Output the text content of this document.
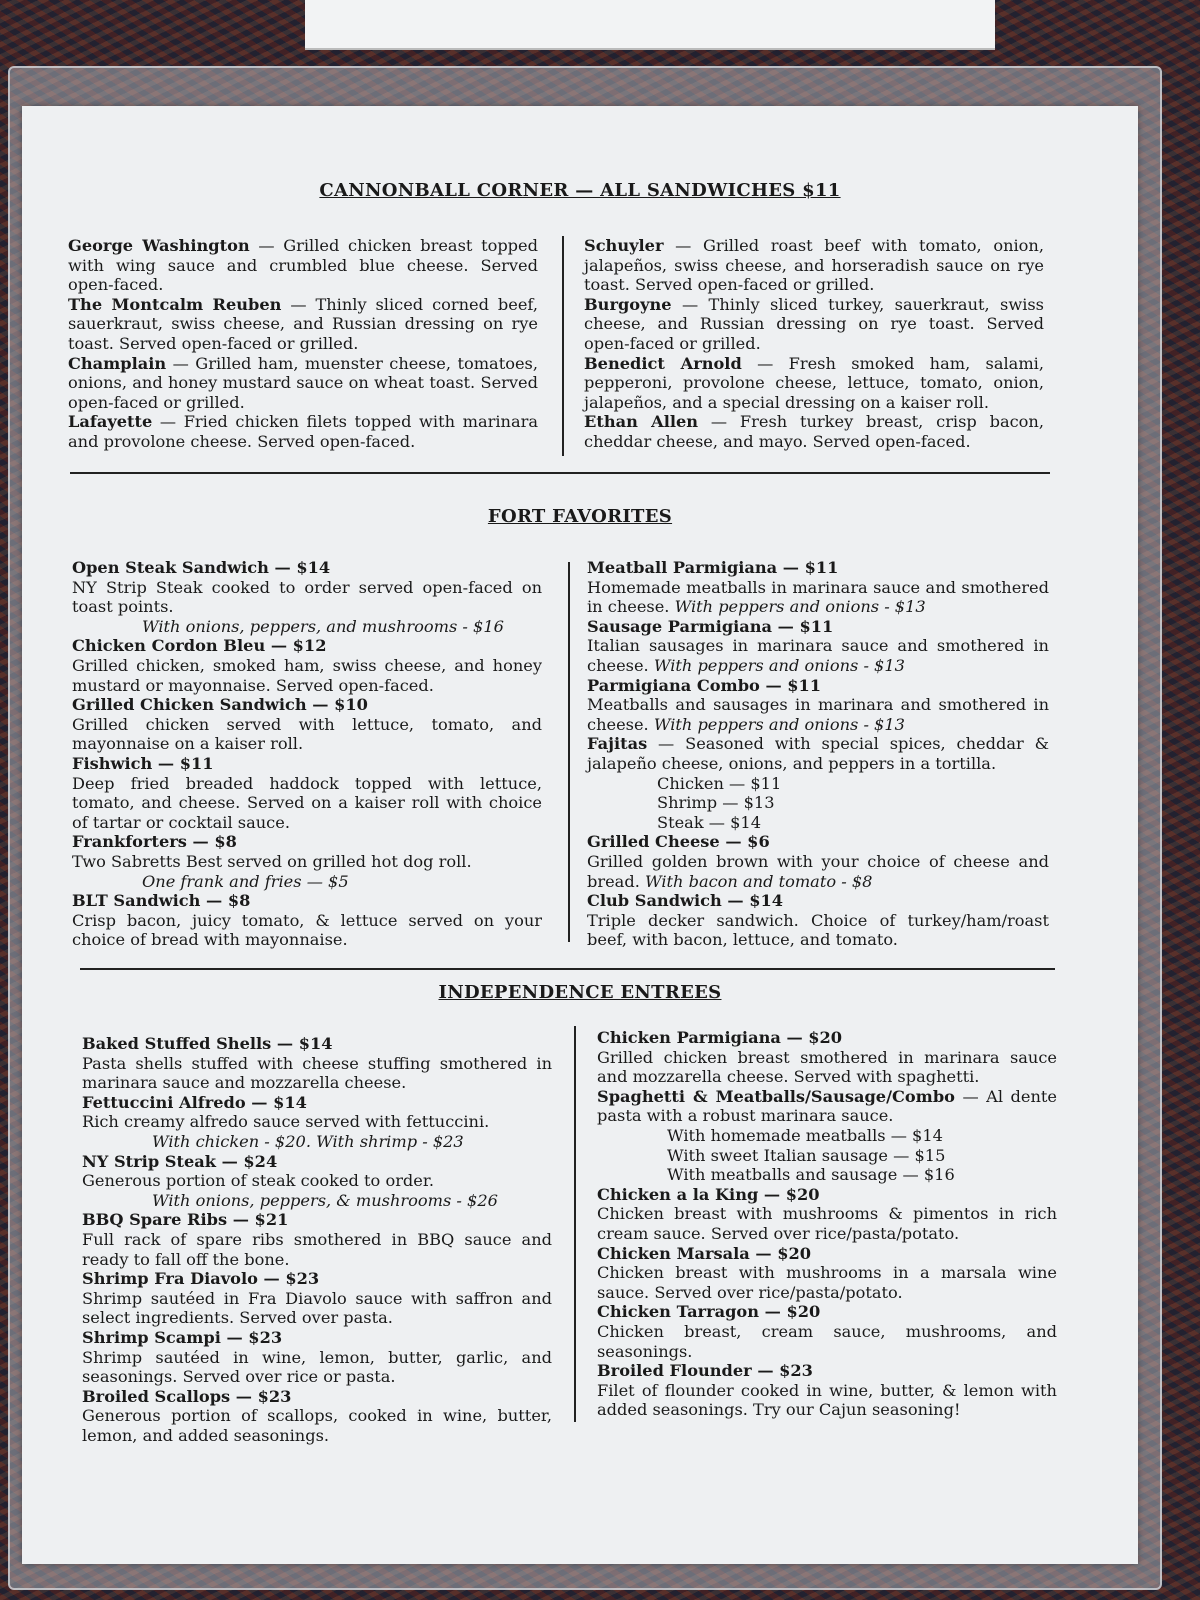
CANNONBALL CORNER — ALL SANDWICHES $11
George Washington — Grilled chicken breast topped with wing sauce and crumbled blue cheese. Served open-faced.
The Montcalm Reuben — Thinly sliced corned beef, sauerkraut, swiss cheese, and Russian dressing on rye toast. Served open-faced or grilled.
Champlain — Grilled ham, muenster cheese, tomatoes, onions, and honey mustard sauce on wheat toast. Served open-faced or grilled.
Lafayette — Fried chicken filets topped with marinara and provolone cheese. Served open-faced.
Schuyler — Grilled roast beef with tomato, onion, jalapeños, swiss cheese, and horseradish sauce on rye toast. Served open-faced or grilled.
Burgoyne — Thinly sliced turkey, sauerkraut, swiss cheese, and Russian dressing on rye toast. Served open-faced or grilled.
Benedict Arnold — Fresh smoked ham, salami, pepperoni, provolone cheese, lettuce, tomato, onion, jalapeños, and a special dressing on a kaiser roll.
Ethan Allen — Fresh turkey breast, crisp bacon, cheddar cheese, and mayo. Served open-faced.
FORT FAVORITES
Open Steak Sandwich — $14
NY Strip Steak cooked to order served open-faced on toast points.
With onions, peppers, and mushrooms - $16
Chicken Cordon Bleu — $12
Grilled chicken, smoked ham, swiss cheese, and honey mustard or mayonnaise. Served open-faced.
Grilled Chicken Sandwich — $10
Grilled chicken served with lettuce, tomato, and mayonnaise on a kaiser roll.
Fishwich — $11
Deep fried breaded haddock topped with lettuce, tomato, and cheese. Served on a kaiser roll with choice of tartar or cocktail sauce.
Frankforters — $8
Two Sabretts Best served on grilled hot dog roll.
One frank and fries — $5
BLT Sandwich — $8
Crisp bacon, juicy tomato, & lettuce served on your choice of bread with mayonnaise.
Meatball Parmigiana — $11
Homemade meatballs in marinara sauce and smothered in cheese. With peppers and onions - $13
Sausage Parmigiana — $11
Italian sausages in marinara sauce and smothered in cheese. With peppers and onions - $13
Parmigiana Combo — $11
Meatballs and sausages in marinara and smothered in cheese. With peppers and onions - $13
Fajitas — Seasoned with special spices, cheddar & jalapeño cheese, onions, and peppers in a tortilla.
Chicken — $11
Shrimp — $13
Steak — $14
Grilled Cheese — $6
Grilled golden brown with your choice of cheese and bread. With bacon and tomato - $8
Club Sandwich — $14
Triple decker sandwich. Choice of turkey/ham/roast beef, with bacon, lettuce, and tomato.
INDEPENDENCE ENTREES
Baked Stuffed Shells — $14
Pasta shells stuffed with cheese stuffing smothered in marinara sauce and mozzarella cheese.
Fettuccini Alfredo — $14
Rich creamy alfredo sauce served with fettuccini.
With chicken - $20. With shrimp - $23
NY Strip Steak — $24
Generous portion of steak cooked to order.
With onions, peppers, & mushrooms - $26
BBQ Spare Ribs — $21
Full rack of spare ribs smothered in BBQ sauce and ready to fall off the bone.
Shrimp Fra Diavolo — $23
Shrimp sautéed in Fra Diavolo sauce with saffron and select ingredients. Served over pasta.
Shrimp Scampi — $23
Shrimp sautéed in wine, lemon, butter, garlic, and seasonings. Served over rice or pasta.
Broiled Scallops — $23
Generous portion of scallops, cooked in wine, butter, lemon, and added seasonings.
Chicken Parmigiana — $20
Grilled chicken breast smothered in marinara sauce and mozzarella cheese. Served with spaghetti.
Spaghetti & Meatballs/Sausage/Combo — Al dente pasta with a robust marinara sauce.
With homemade meatballs — $14
With sweet Italian sausage — $15
With meatballs and sausage — $16
Chicken a la King — $20
Chicken breast with mushrooms & pimentos in rich cream sauce. Served over rice/pasta/potato.
Chicken Marsala — $20
Chicken breast with mushrooms in a marsala wine sauce. Served over rice/pasta/potato.
Chicken Tarragon — $20
Chicken breast, cream sauce, mushrooms, and seasonings.
Broiled Flounder — $23
Filet of flounder cooked in wine, butter, & lemon with added seasonings. Try our Cajun seasoning!
